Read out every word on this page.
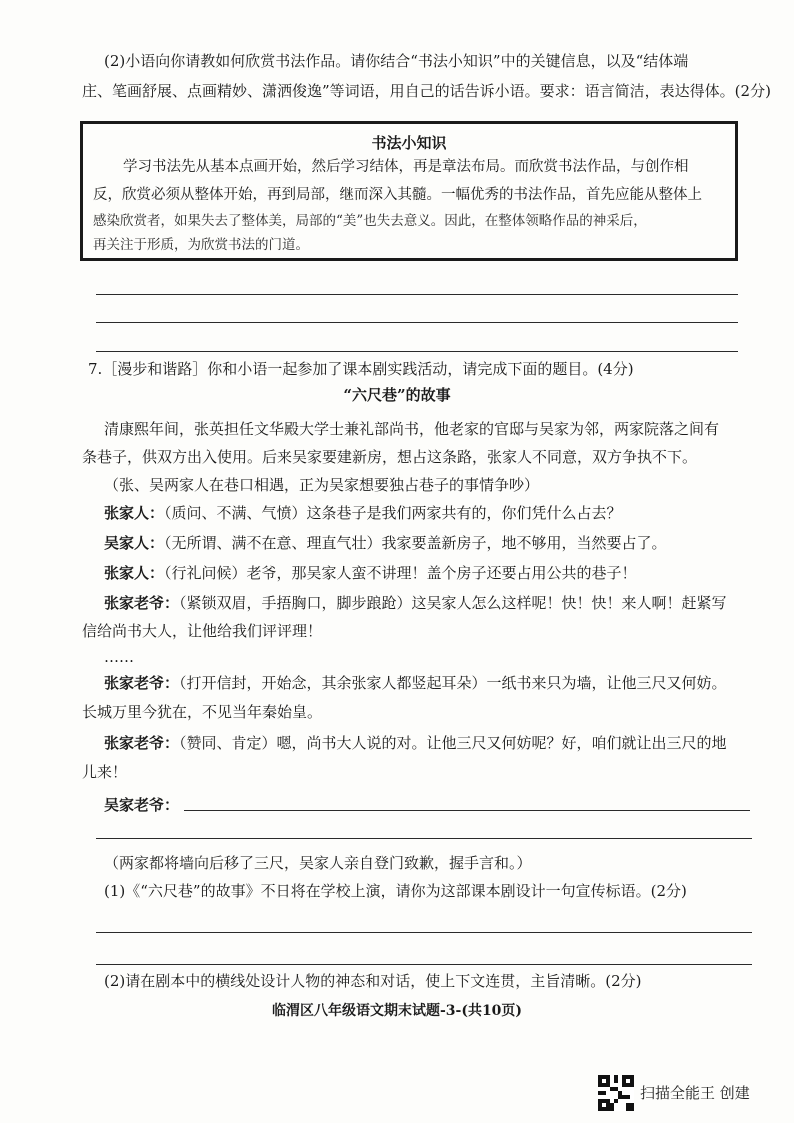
(2)小语向你请教如何欣赏书法作品。请你结合“书法小知识”中的关键信息，以及“结体端
庄、笔画舒展、点画精妙、潇洒俊逸”等词语，用自己的话告诉小语。要求：语言简洁，表达得体。(2分)
书法小知识
学习书法先从基本点画开始，然后学习结体，再是章法布局。而欣赏书法作品，与创作相
反，欣赏必须从整体开始，再到局部，继而深入其髓。一幅优秀的书法作品，首先应能从整体上
感染欣赏者，如果失去了整体美，局部的“美”也失去意义。因此，在整体领略作品的神采后，
再关注于形质，为欣赏书法的门道。
7.［漫步和谐路］你和小语一起参加了课本剧实践活动，请完成下面的题目。(4分)
“六尺巷”的故事
清康熙年间，张英担任文华殿大学士兼礼部尚书，他老家的官邸与吴家为邻，两家院落之间有
条巷子，供双方出入使用。后来吴家要建新房，想占这条路，张家人不同意，双方争执不下。
（张、吴两家人在巷口相遇，正为吴家想要独占巷子的事情争吵）
张家人：（质问、不满、气愤）这条巷子是我们两家共有的，你们凭什么占去？
吴家人：（无所谓、满不在意、理直气壮）我家要盖新房子，地不够用，当然要占了。
张家人：（行礼问候）老爷，那吴家人蛮不讲理！盖个房子还要占用公共的巷子！
张家老爷：（紧锁双眉，手捂胸口，脚步踉跄）这吴家人怎么这样呢！快！快！来人啊！赶紧写
信给尚书大人，让他给我们评评理！
……
张家老爷：（打开信封，开始念，其余张家人都竖起耳朵）一纸书来只为墙，让他三尺又何妨。
长城万里今犹在，不见当年秦始皇。
张家老爷：（赞同、肯定）嗯，尚书大人说的对。让他三尺又何妨呢？好，咱们就让出三尺的地
儿来！
吴家老爷：
（两家都将墙向后移了三尺，吴家人亲自登门致歉，握手言和。）
(1)《“六尺巷”的故事》不日将在学校上演，请你为这部课本剧设计一句宣传标语。(2分)
(2)请在剧本中的横线处设计人物的神态和对话，使上下文连贯，主旨清晰。(2分)
临渭区八年级语文期末试题-3-(共10页)
扫描全能王 创建
